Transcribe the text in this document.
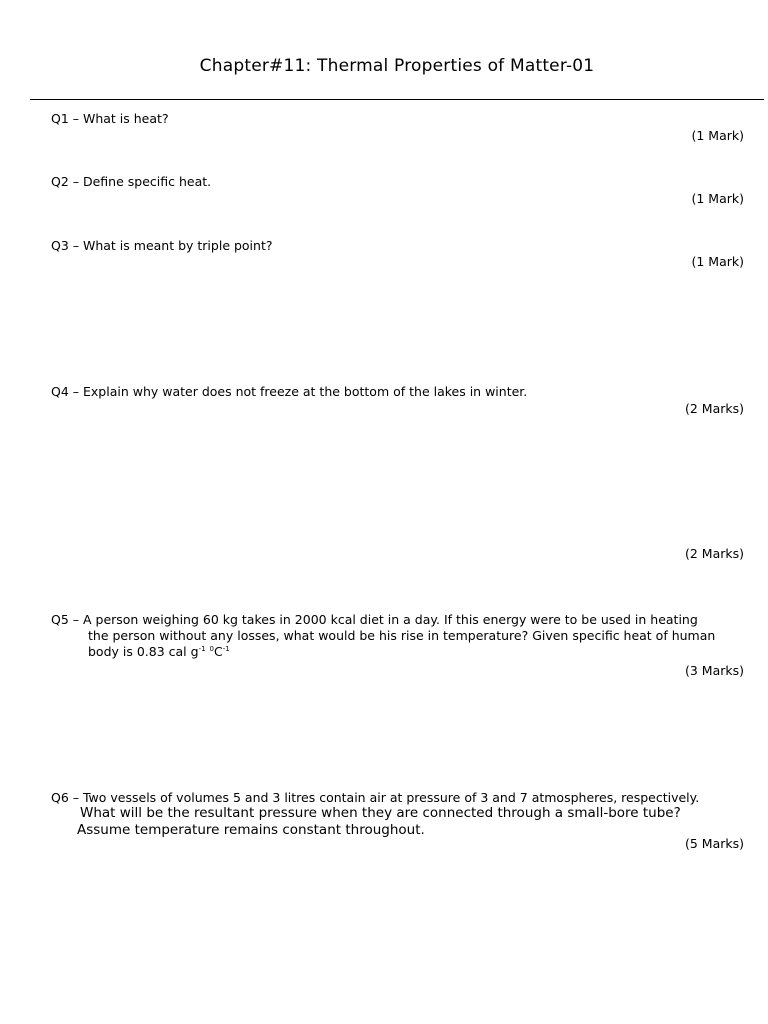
Chapter#11: Thermal Properties of Matter-01
Q1 – What is heat?
(1 Mark)
Q2 – Define specific heat.
(1 Mark)
Q3 – What is meant by triple point?
(1 Mark)
Q4 – Explain why water does not freeze at the bottom of the lakes in winter.
(2 Marks)
(2 Marks)
Q5 – A person weighing 60 kg takes in 2000 kcal diet in a day. If this energy were to be used in heating
the person without any losses, what would be his rise in temperature? Given specific heat of human
body is 0.83 cal $g^{-1}$ $^0C^{-1}$
(3 Marks)
Q6 – Two vessels of volumes 5 and 3 litres contain air at pressure of 3 and 7 atmospheres, respectively.
What will be the resultant pressure when they are connected through a small-bore tube?
Assume temperature remains constant throughout.
(5 Marks)
